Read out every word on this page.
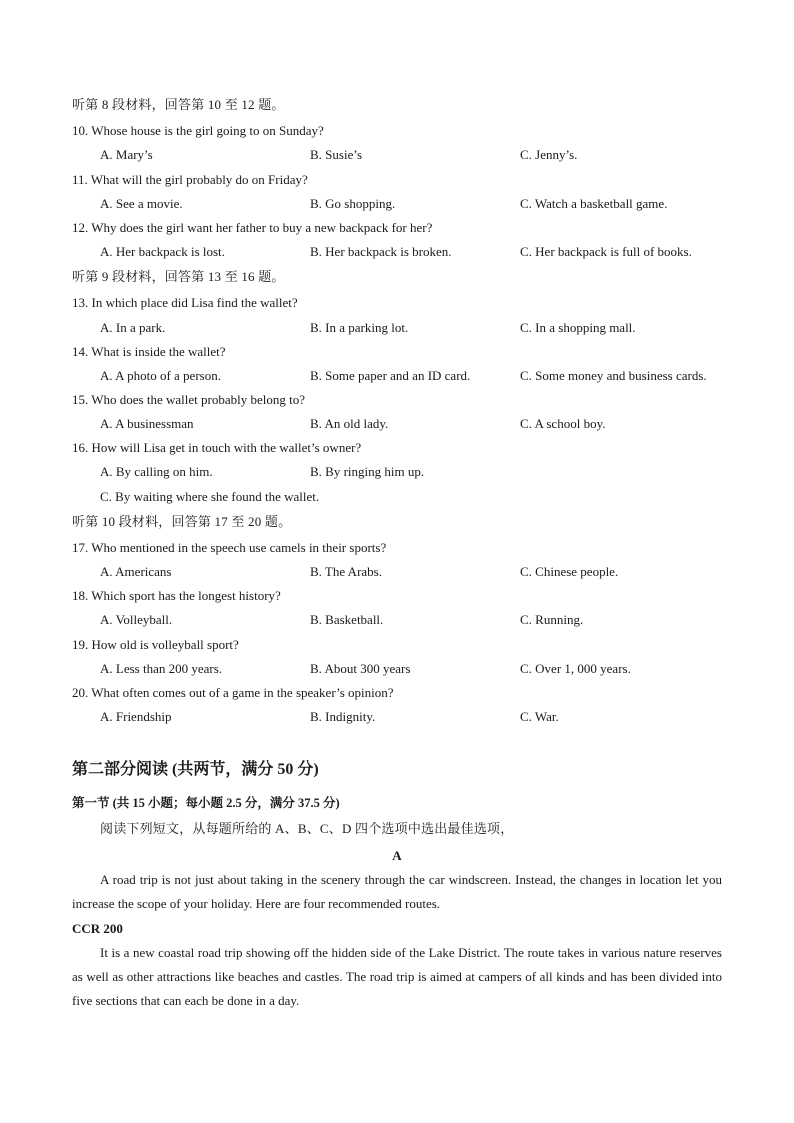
听第 8 段材料，回答第 10 至 12 题。
10. Whose house is the girl going to on Sunday?
A. Mary’s	B. Susie’s	C. Jenny’s.
11. What will the girl probably do on Friday?
A. See a movie.	B. Go shopping.	C. Watch a basketball game.
12. Why does the girl want her father to buy a new backpack for her?
A. Her backpack is lost.	B. Her backpack is broken.	C. Her backpack is full of books.
听第 9 段材料，回答第 13 至 16 题。
13. In which place did Lisa find the wallet?
A. In a park.	B. In a parking lot.	C. In a shopping mall.
14. What is inside the wallet?
A. A photo of a person.	B. Some paper and an ID card.	C. Some money and business cards.
15. Who does the wallet probably belong to?
A. A businessman	B. An old lady.	C. A school boy.
16. How will Lisa get in touch with the wallet’s owner?
A. By calling on him.	B. By ringing him up.
C. By waiting where she found the wallet.
听第 10 段材料，回答第 17 至 20 题。
17. Who mentioned in the speech use camels in their sports?
A. Americans	B. The Arabs.	C. Chinese people.
18. Which sport has the longest history?
A. Volleyball.	B. Basketball.	C. Running.
19. How old is volleyball sport?
A. Less than 200 years.	B. About 300 years	C. Over 1, 000 years.
20. What often comes out of a game in the speaker’s opinion?
A. Friendship	B. Indignity.	C. War.
第二部分阅读 (共两节，满分 50 分)
第一节 (共 15 小题；每小题 2.5 分，满分 37.5 分)
阅读下列短文，从每题所给的 A、B、C、D 四个选项中选出最佳选项，
A
A road trip is not just about taking in the scenery through the car windscreen. Instead, the changes in location let you increase the scope of your holiday. Here are four recommended routes.
CCR 200
It is a new coastal road trip showing off the hidden side of the Lake District. The route takes in various nature reserves as well as other attractions like beaches and castles. The road trip is aimed at campers of all kinds and has been divided into five sections that can each be done in a day.
